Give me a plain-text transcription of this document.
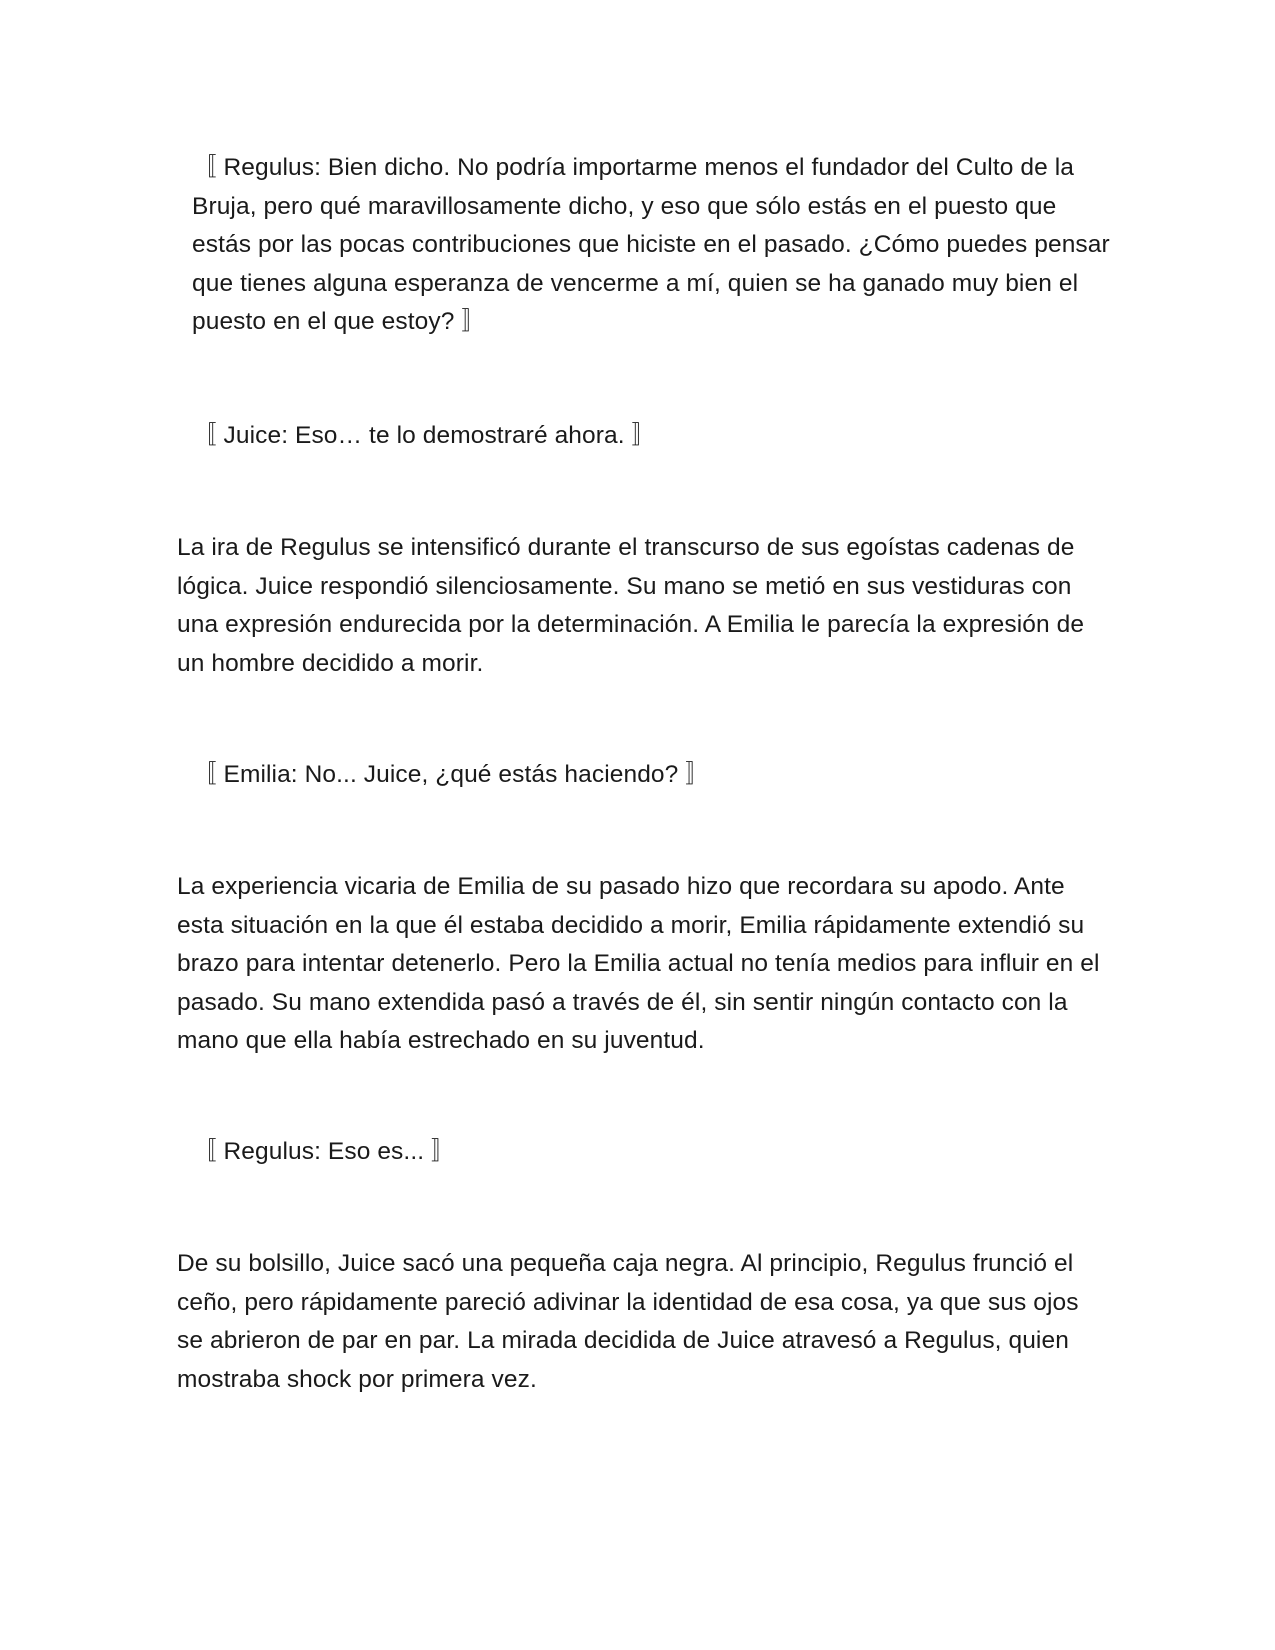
〚 Regulus: Bien dicho. No podría importarme menos el fundador del Culto de la Bruja, pero qué maravillosamente dicho, y eso que sólo estás en el puesto que estás por las pocas contribuciones que hiciste en el pasado. ¿Cómo puedes pensar que tienes alguna esperanza de vencerme a mí, quien se ha ganado muy bien el puesto en el que estoy? 〛

〚 Juice: Eso… te lo demostraré ahora. 〛

La ira de Regulus se intensificó durante el transcurso de sus egoístas cadenas de lógica. Juice respondió silenciosamente. Su mano se metió en sus vestiduras con una expresión endurecida por la determinación. A Emilia le parecía la expresión de un hombre decidido a morir.

〚 Emilia: No... Juice, ¿qué estás haciendo? 〛

La experiencia vicaria de Emilia de su pasado hizo que recordara su apodo. Ante esta situación en la que él estaba decidido a morir, Emilia rápidamente extendió su brazo para intentar detenerlo. Pero la Emilia actual no tenía medios para influir en el pasado. Su mano extendida pasó a través de él, sin sentir ningún contacto con la mano que ella había estrechado en su juventud.

〚 Regulus: Eso es... 〛

De su bolsillo, Juice sacó una pequeña caja negra. Al principio, Regulus frunció el ceño, pero rápidamente pareció adivinar la identidad de esa cosa, ya que sus ojos se abrieron de par en par. La mirada decidida de Juice atravesó a Regulus, quien mostraba shock por primera vez.
